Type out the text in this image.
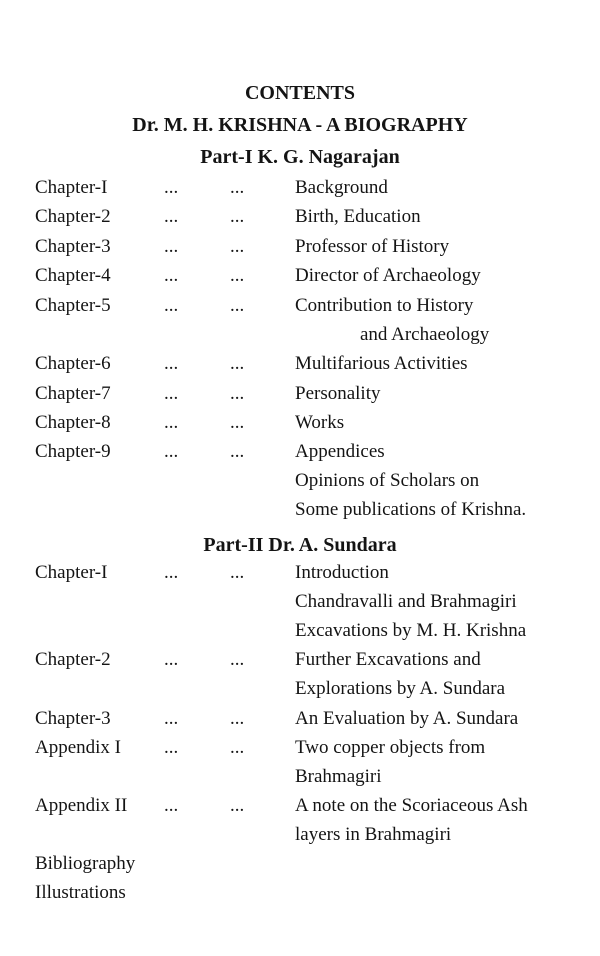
CONTENTS
Dr. M. H. KRISHNA - A BIOGRAPHY
Part-I K. G. Nagarajan
Chapter-I	...	...	Background
Chapter-2	...	...	Birth, Education
Chapter-3	...	...	Professor of History
Chapter-4	...	...	Director of Archaeology
Chapter-5	...	...	Contribution to History
and Archaeology
Chapter-6	...	...	Multifarious Activities
Chapter-7	...	...	Personality
Chapter-8	...	...	Works
Chapter-9	...	...	Appendices
Opinions of Scholars on
Some publications of Krishna.
Part-II Dr. A. Sundara
Chapter-I	...	...	Introduction
Chandravalli and Brahmagiri
Excavations by M. H. Krishna
Chapter-2	...	...	Further Excavations and
Explorations by A. Sundara
Chapter-3	...	...	An Evaluation by A. Sundara
Appendix I ...	...	Two copper objects from
Brahmagiri
Appendix II ...	...	A note on the Scoriaceous Ash
layers in Brahmagiri
Bibliography
Illustrations
